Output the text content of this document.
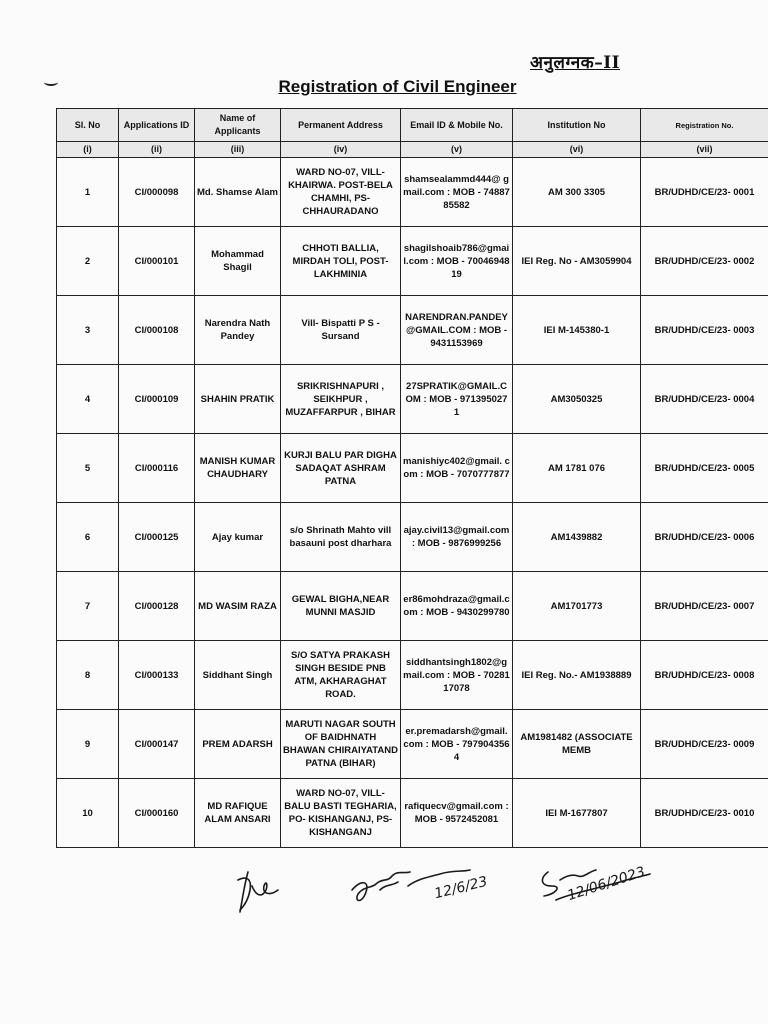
अनुलग्नक–II
Registration of Civil Engineer
Sl. No	Applications ID	Name of Applicants	Permanent Address	Email ID & Mobile No.	Institution No	Registration No.
(i)	(ii)	(iii)	(iv)	(v)	(vi)	(vii)
1	CI/000098	Md. Shamse Alam	WARD NO-07, VILL- KHAIRWA. POST-BELA CHAMHI, PS- CHHAURADANO	shamsealammd444@ gmail.com : MOB - 7488785582	AM 300 3305	BR/UDHD/CE/23- 0001
2	CI/000101	Mohammad Shagil	CHHOTI BALLIA, MIRDAH TOLI, POST- LAKHMINIA	shagilshoaib786@gmail.com : MOB - 7004694819	IEI Reg. No - AM3059904	BR/UDHD/CE/23- 0002
3	CI/000108	Narendra Nath Pandey	Vill- Bispatti P S - Sursand	NARENDRAN.PANDEY @GMAIL.COM : MOB - 9431153969	IEI M-145380-1	BR/UDHD/CE/23- 0003
4	CI/000109	SHAHIN PRATIK	SRIKRISHNAPURI , SEIKHPUR , MUZAFFARPUR , BIHAR	27SPRATIK@GMAIL.COM : MOB - 9713950271	AM3050325	BR/UDHD/CE/23- 0004
5	CI/000116	MANISH KUMAR CHAUDHARY	KURJI BALU PAR DIGHA SADAQAT ASHRAM PATNA	manishiyc402@gmail. com : MOB - 7070777877	AM 1781 076	BR/UDHD/CE/23- 0005
6	CI/000125	Ajay kumar	s/o Shrinath Mahto vill basauni post dharhara	ajay.civil13@gmail.com : MOB - 9876999256	AM1439882	BR/UDHD/CE/23- 0006
7	CI/000128	MD WASIM RAZA	GEWAL BIGHA,NEAR MUNNI MASJID	er86mohdraza@gmail.com : MOB - 9430299780	AM1701773	BR/UDHD/CE/23- 0007
8	CI/000133	Siddhant Singh	S/O SATYA PRAKASH SINGH BESIDE PNB ATM, AKHARAGHAT ROAD.	siddhantsingh1802@gmail.com : MOB - 7028117078	IEI Reg. No.- AM1938889	BR/UDHD/CE/23- 0008
9	CI/000147	PREM ADARSH	MARUTI NAGAR SOUTH OF BAIDHNATH BHAWAN CHIRAIYATAND PATNA (BIHAR)	er.premadarsh@gmail.com : MOB - 7979043564	AM1981482 (ASSOCIATE MEMB	BR/UDHD/CE/23- 0009
10	CI/000160	MD RAFIQUE ALAM ANSARI	WARD NO-07, VILL- BALU BASTI TEGHARIA, PO- KISHANGANJ, PS- KISHANGANJ	rafiquecv@gmail.com : MOB - 9572452081	IEI M-1677807	BR/UDHD/CE/23- 0010
12/6/23	12/06/2023
